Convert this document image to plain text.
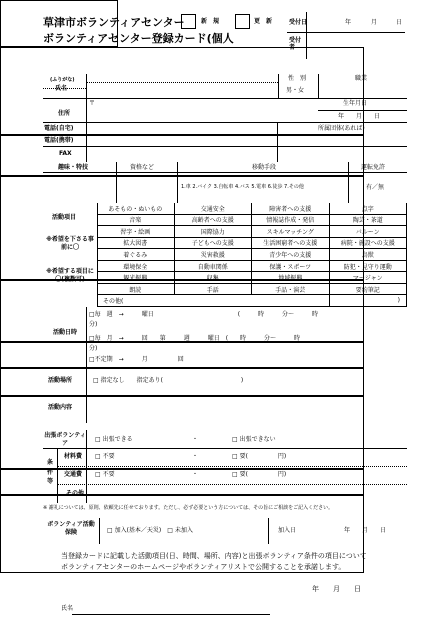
草津市ボランティアセンター	新　規	更　新
ボランティアセンター登録カード(個人
受付日	年	月	日
受付者
(ふりがな)
氏名
性　別
男・女
職業
住所
〒	生年月日
年　　月　　日
電話(自宅)
電話(携帯)
FAX
所属団体(あれば)
趣味・特技	資格など	移動手段
1.車 2.バイク 3.自転車 4.バス 5.電車 6.徒歩 7.その他
運転免許
有／無
活動項目
※希望を下さる事前に〇
※希望する項目に〇(複数可)
あそもの・ぬいもの	交通安全	障害者への支援	点字
音楽	高齢者への支援	情報誌作成・発信	陶芸・茶道
習字・絵画	国際協力	スキルマッチング	バルーン
拡大図書	子どもへの支援	生活困窮者への支援	病院・施設への支援
着ぐるみ	災害救援	青少年への支援	鳥獣
環境保全	自動車関係	保護・スポーツ	防犯・見守り運動
観光振興	収集	地域振興	マージャン
朗読	手話	手品・演芸	要約筆記
その他(	)
活動日時
□毎　週　→　　　曜日　　　　　　　　　　　　　　(　　　時　　　分～　　　時
分)
□毎　月　→　　　回　　第　　　週　　　曜日　(　　時　　　分～　　　時
分)
□不定期　→　　　月　　　　　回
活動場所	□ 指定なし　　指定あり(　　　　　　　　　　　　　)
活動内容
出張ボランティア
□ 出張できる	・	□ 出張できない
条件等
材料費 □ 不要	・	□ 要(　　　　　円)
交通費 □ 不要	・	□ 要(　　　　　円)
その他
※ 謝礼については、原則、依頼先に任せております。ただし、必ず必要という方については、その旨にご相談をご記入ください。
ボランティア活動保険	□ 加入(基本／天災)　□ 未加入	加入日	年　　月　　日
当登録カードに記載した活動項目(日、時間、場所、内容)と出張ボランティア条件の項目について
ボランティアセンターのホームページやボランティアリストで公開することを承諾します。
年　　月　　日
氏名
